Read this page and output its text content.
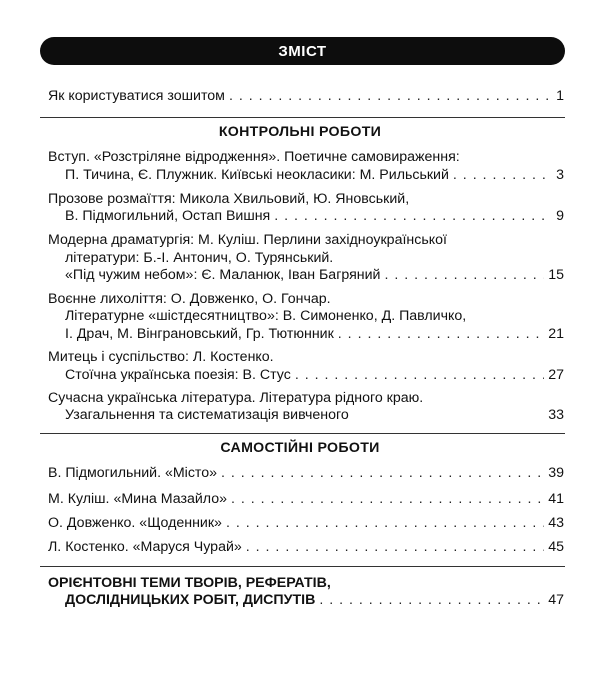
ЗМІСТ
Як користуватися зошитом . . .	1
КОНТРОЛЬНІ РОБОТИ
Вступ. «Розстріляне відродження». Поетичне самовираження:
П. Тичина, Є. Плужник. Київські неокласики: М. Рильський . . .	3
Прозове розмаїття: Микола Хвильовий, Ю. Яновський,
В. Підмогильний, Остап Вишня . . .	9
Модерна драматургія: М. Куліш. Перлини західноукраїнської
літератури: Б.-І. Антонич, О. Турянський.
«Під чужим небом»: Є. Маланюк, Іван Багряний . . .	15
Воєнне лихоліття: О. Довженко, О. Гончар.
Літературне «шістдесятництво»: В. Симоненко, Д. Павличко,
І. Драч, М. Вінграновський, Гр. Тютюнник . . .	21
Митець і суспільство: Л. Костенко.
Стоїчна українська поезія: В. Стус . . .	27
Сучасна українська література. Література рідного краю.
Узагальнення та систематизація вивченого	33
САМОСТІЙНІ РОБОТИ
В. Підмогильний. «Місто» . . .	39
М. Куліш. «Мина Мазайло» . . .	41
О. Довженко. «Щоденник» . . .	43
Л. Костенко. «Маруся Чурай» . . .	45
ОРІЄНТОВНІ ТЕМИ ТВОРІВ, РЕФЕРАТІВ,
ДОСЛІДНИЦЬКИХ РОБІТ, ДИСПУТІВ . . .	47
